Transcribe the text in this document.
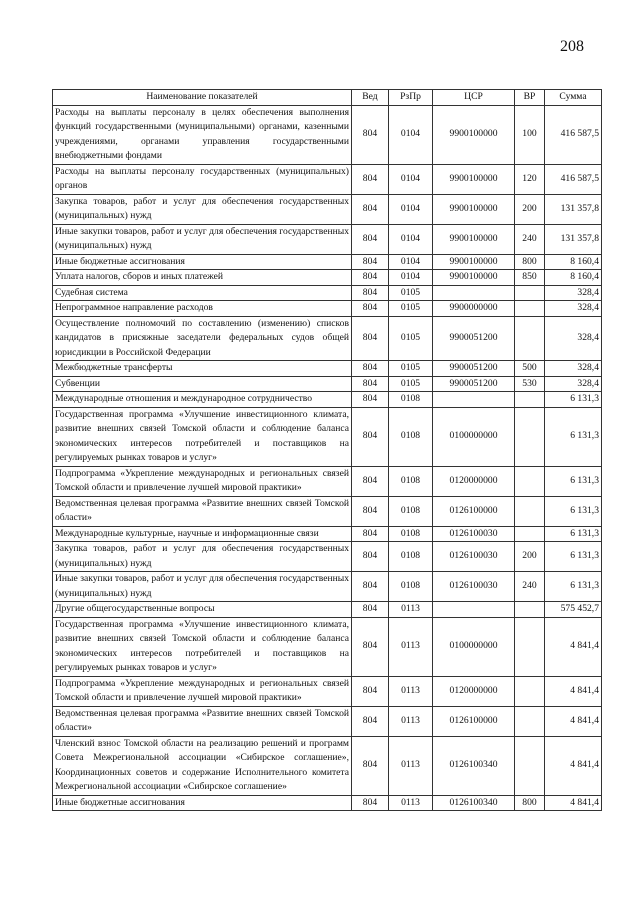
208
Наименование показателей	Вед	РзПр	ЦСР	ВР	Сумма
Расходы на выплаты персоналу в целях обеспечения выполнения функций государственными (муниципальными) органами, казенными учреждениями, органами управления государственными внебюджетными фондами	804	0104	9900100000	100	416 587,5
Расходы на выплаты персоналу государственных (муниципальных) органов	804	0104	9900100000	120	416 587,5
Закупка товаров, работ и услуг для обеспечения государственных (муниципальных) нужд	804	0104	9900100000	200	131 357,8
Иные закупки товаров, работ и услуг для обеспечения государственных (муниципальных) нужд	804	0104	9900100000	240	131 357,8
Иные бюджетные ассигнования	804	0104	9900100000	800	8 160,4
Уплата налогов, сборов и иных платежей	804	0104	9900100000	850	8 160,4
Судебная система	804	0105			328,4
Непрограммное направление расходов	804	0105	9900000000		328,4
Осуществление полномочий по составлению (изменению) списков кандидатов в присяжные заседатели федеральных судов общей юрисдикции в Российской Федерации	804	0105	9900051200		328,4
Межбюджетные трансферты	804	0105	9900051200	500	328,4
Субвенции	804	0105	9900051200	530	328,4
Международные отношения и международное сотрудничество	804	0108			6 131,3
Государственная программа «Улучшение инвестиционного климата, развитие внешних связей Томской области и соблюдение баланса экономических интересов потребителей и поставщиков на регулируемых рынках товаров и услуг»	804	0108	0100000000		6 131,3
Подпрограмма «Укрепление международных и региональных связей Томской области и привлечение лучшей мировой практики»	804	0108	0120000000		6 131,3
Ведомственная целевая программа «Развитие внешних связей Томской области»	804	0108	0126100000		6 131,3
Международные культурные, научные и информационные связи	804	0108	0126100030		6 131,3
Закупка товаров, работ и услуг для обеспечения государственных (муниципальных) нужд	804	0108	0126100030	200	6 131,3
Иные закупки товаров, работ и услуг для обеспечения государственных (муниципальных) нужд	804	0108	0126100030	240	6 131,3
Другие общегосударственные вопросы	804	0113			575 452,7
Государственная программа «Улучшение инвестиционного климата, развитие внешних связей Томской области и соблюдение баланса экономических интересов потребителей и поставщиков на регулируемых рынках товаров и услуг»	804	0113	0100000000		4 841,4
Подпрограмма «Укрепление международных и региональных связей Томской области и привлечение лучшей мировой практики»	804	0113	0120000000		4 841,4
Ведомственная целевая программа «Развитие внешних связей Томской области»	804	0113	0126100000		4 841,4
Членский взнос Томской области на реализацию решений и программ Совета Межрегиональной ассоциации «Сибирское соглашение», Координационных советов и содержание Исполнительного комитета Межрегиональной ассоциации «Сибирское соглашение»	804	0113	0126100340		4 841,4
Иные бюджетные ассигнования	804	0113	0126100340	800	4 841,4
